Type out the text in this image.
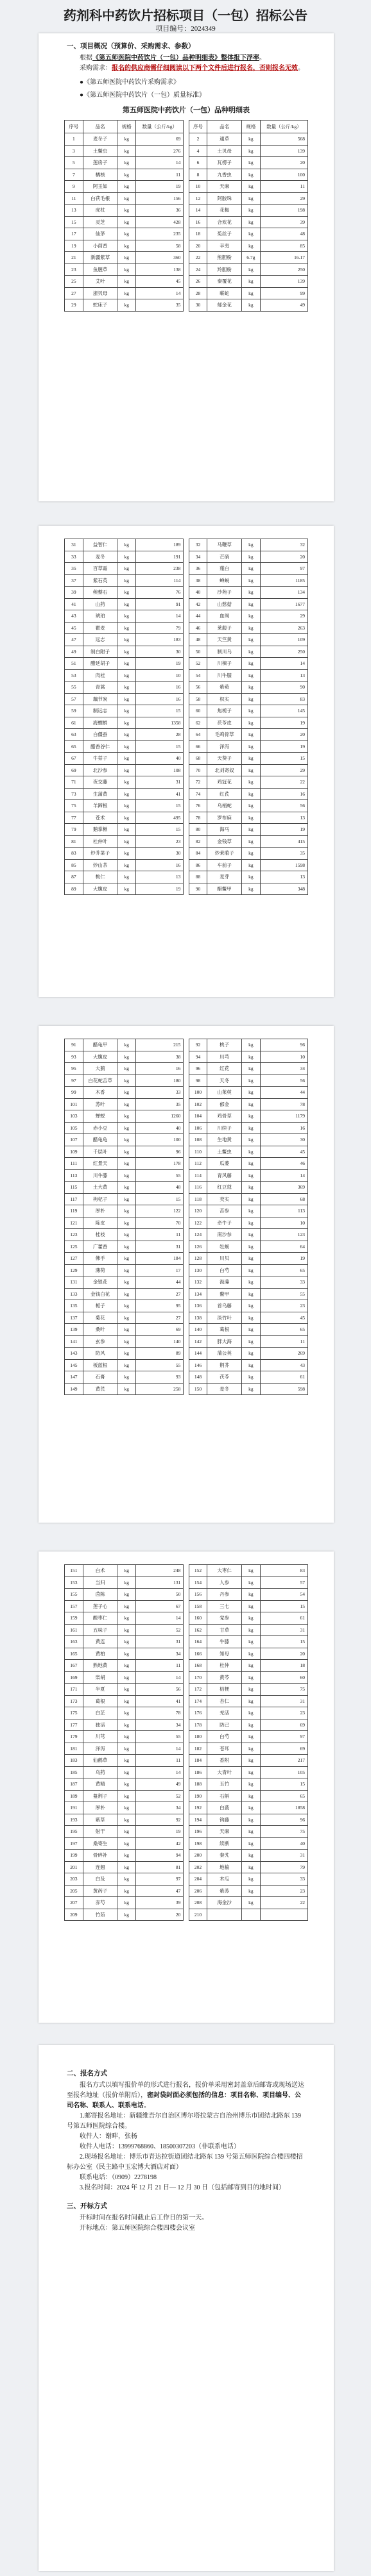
药剂科中药饮片招标项目（一包）招标公告
项目编号：2024349
一、项目概况（预算价、采购需求、参数）
根据《第五师医院中药饮片（一包）品种明细表》整体报下浮率。
采购需求：报名的供应商需仔细阅读以下两个文件后进行报名，否则报名无效。
●《第五师医院中药饮片采购需求》
●《第五师医院中药饮片（一包）质量标准》
第五师医院中药饮片（一包）品种明细表
序号	品名	规格	数量（公斤/kg）		序号	品名	规格	数量（公斤/kg）
1	麦冬子	kg	69		2	通草	kg	568
3	土鳖虫	kg	276		4	土贝母	kg	139
5	莲房子	kg	14		6	瓦楞子	kg	20
7	橘核	kg	11		8	九香虫	kg	100
9	阿玉如	kg	19		10	天麻	kg	11
11	白茯毛根	kg	156		12	阿胶珠	kg	29
13	虎杖	kg	36		14	花椒	kg	198
15	灵芝	kg	428		16	合欢花	kg	39
17	仙茅	kg	235		18	菟丝子	kg	48
19	小茴香	kg	58		20	辛夷	kg	85
21	新疆紫草	kg	360		22	熊胆粉	6.7g	16.17
23	鱼腥草	kg	138		24	羚胆粉	kg	250
25	艾叶	kg	45		26	秦覆花	kg	139
27	浙贝母	kg	14		28	蕲蛇	kg	99
29	蛇床子	kg	35		30	郁金花	kg	49
31	益智仁	kg	189		32	马鞭草	kg	32
33	麦冬	kg	191		34	芒硝	kg	20
35	百草霜	kg	238		36	薤白	kg	97
37	紫石英	kg	114		38	蝉蜕	kg	1185
39	蒺藜石	kg	76		40	沙苑子	kg	134
41	山药	kg	91		42	山慈菇	kg	1677
43	琥珀	kg	14		44	血竭	kg	29
45	瞿麦	kg	79		46	莱菔子	kg	263
47	远志	kg	183		48	天竺黄	kg	109
49	制白附子	kg	30		50	制川乌	kg	250
51	醋延胡子	kg	19		52	川楝子	kg	14
53	肉桂	kg	10		54	川牛膝	kg	13
55	青蒿	kg	16		56	紫菀	kg	90
57	藕节炭	kg	16		58	枳实	kg	83
59	制远志	kg	15		60	焦栀子	kg	145
61	海螵蛸	kg	1358		62	茯苓皮	kg	19
63	白僵蚕	kg	28		64	毛鸡骨草	kg	20
65	醋香谷仁	kg	15		66	泽泻	kg	19
67	牛蒡子	kg	40		68	天葵子	kg	15
69	北沙参	kg	108		70	北刘寄奴	kg	29
71	夜交藤	kg	31		72	鸡冠花	kg	22
73	生蒲黄	kg	41		74	红芪	kg	16
75	羊蹄根	kg	15		76	乌梢蛇	kg	56
77	苍术	kg	495		78	罗布麻	kg	13
79	鹅掌楸	kg	15		80	海马	kg	19
81	杜仲叶	kg	23		82	金钱草	kg	415
83	炒芥菜子	kg	30		84	炒莱菔子	kg	35
85	炒山茶	kg	16		86	车前子	kg	1598
87	桃仁	kg	13		88	麦芽	kg	13
89	大腹皮	kg	19		90	醋鳖甲	kg	348
91	醋龟甲	kg	215		92	桃子	kg	96
93	大腹皮	kg	38		94	川芎	kg	10
95	大蓟	kg	16		96	红花	kg	34
97	白花蛇舌草	kg	180		98	天冬	kg	56
99	木香	kg	33		100	山茱萸	kg	44
101	苏叶	kg	35		102	郁金	kg	78
103	蝉蜕	kg	1260		104	鸡骨草	kg	1179
105	赤小豆	kg	40		106	川续子	kg	16
107	醋龟龟	kg	100		108	生地黄	kg	30
109	千层叶	kg	96		110	土鳖虫	kg	45
111	红景天	kg	178		112	瓜蒌	kg	46
113	川牛膝	kg	55		114	青风藤	kg	14
115	土大黄	kg	48		116	红豆蔻	kg	369
117	枸杞子	kg	15		118	芡实	kg	68
119	厚朴	kg	122		120	苦参	kg	113
121	陈皮	kg	70		122	牵牛子	kg	10
123	桂枝	kg	11		124	南沙参	kg	123
125	广藿香	kg	31		126	牡蛎	kg	64
127	佛手	kg	184		128	川贝	kg	19
129	薄荷	kg	17		130	白芍	kg	65
131	金银花	kg	44		132	海藻	kg	33
133	金钱白花	kg	27		134	鳖甲	kg	55
135	栀子	kg	95		136	首乌藤	kg	23
137	菊花	kg	27		138	淡竹叶	kg	45
139	桑叶	kg	69		140	葛根	kg	65
141	玄参	kg	140		142	胖大海	kg	11
143	防风	kg	89		144	蒲公英	kg	269
145	板蓝根	kg	55		146	荆芥	kg	43
147	石膏	kg	93		148	茯苓	kg	61
149	黄芪	kg	258		150	麦冬	kg	598
151	白术	kg	248		152	大枣仁	kg	83
153	当归	kg	131		154	人参	kg	57
155	茵陈	kg	50		156	丹参	kg	54
157	莲子心	kg	67		158	三七	kg	15
159	酸枣仁	kg	14		160	党参	kg	61
161	五味子	kg	52		162	甘草	kg	31
163	黄连	kg	31		164	牛膝	kg	15
165	黄柏	kg	34		166	知母	kg	20
167	熟地黄	kg	11		168	杜仲	kg	18
169	柴胡	kg	14		170	黄芩	kg	60
171	半夏	kg	56		172	桔梗	kg	75
173	葛根	kg	41		174	杏仁	kg	31
175	白芷	kg	78		176	羌活	kg	23
177	独活	kg	34		178	防己	kg	69
179	川芎	kg	55		180	白芍	kg	97
181	泽泻	kg	14		182	苍耳	kg	69
183	仙鹤草	kg	11		184	香附	kg	217
185	乌药	kg	14		186	大青叶	kg	105
187	黄精	kg	49		188	玉竹	kg	15
189	蔓荆子	kg	52		190	石斛	kg	65
191	厚朴	kg	34		192	白蔹	kg	1858
193	紫草	kg	92		194	钩藤	kg	96
195	射干	kg	19		196	天麻	kg	75
197	桑寄生	kg	42		198	续断	kg	40
199	骨碎补	kg	94		200	秦艽	kg	31
201	连翘	kg	81		202	地榆	kg	79
203	白及	kg	97		204	木瓜	kg	33
205	黄药子	kg	47		206	紫苏	kg	23
207	赤芍	kg	39		208	海金沙	kg	22
209	竹茹	kg	20		210			
二、报名方式
报名方式以填写报价单的形式进行报名，报价单采用密封盖章后邮寄或现场送达至报名地址（报价单附后），密封袋封面必须包括的信息：项目名称、项目编号、公司名称、联系人、联系电话。
1.邮寄报名地址：新疆维吾尔自治区博尔塔拉蒙古自治州博乐市团结北路东 139 号第五师医院综合楼。
收件人：谢畔，张杨
收件人电话：13999768860、18500307203（非联系电话）
2.现场报名地址：博乐市青达拉街道团结北路东 139 号第五师医院综合楼四楼招标办公室（民主路中玉宏博大酒店对面）
联系电话：（0909）2278198
3.报名时间：2024 年 12 月 21 日— 12 月 30 日（包括邮寄到目的地时间）
三、开标方式
开标时间在报名时间截止后工作日的第一天。
开标地点：第五师医院综合楼四楼会议室
